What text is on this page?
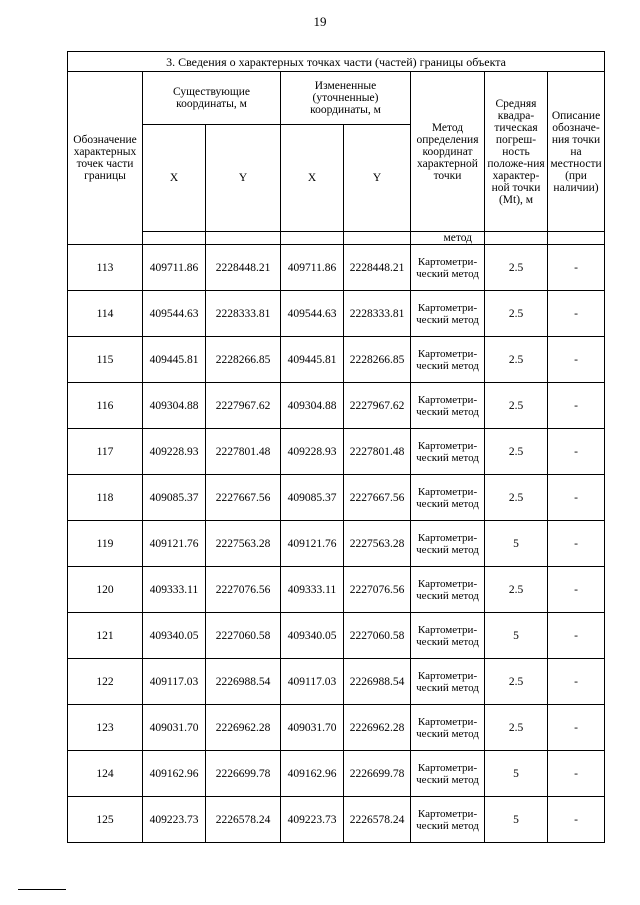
19
3. Сведения о характерных точках части (частей) границы объекта							
Обозначение характерных точек части границы	Существующие координаты, м		Измененные (уточненные) координаты, м		Метод определения координат характерной точки	Средняя квадра-тическая погреш-ность положе-ния характер-ной точки (Mt), м	Описание обозначе-ния точки на местности (при наличии)
	X	Y	X	Y			
					метод		
113	409711.86	2228448.21	409711.86	2228448.21	Картометри-ческий метод	2.5	-
114	409544.63	2228333.81	409544.63	2228333.81	Картометри-ческий метод	2.5	-
115	409445.81	2228266.85	409445.81	2228266.85	Картометри-ческий метод	2.5	-
116	409304.88	2227967.62	409304.88	2227967.62	Картометри-ческий метод	2.5	-
117	409228.93	2227801.48	409228.93	2227801.48	Картометри-ческий метод	2.5	-
118	409085.37	2227667.56	409085.37	2227667.56	Картометри-ческий метод	2.5	-
119	409121.76	2227563.28	409121.76	2227563.28	Картометри-ческий метод	5	-
120	409333.11	2227076.56	409333.11	2227076.56	Картометри-ческий метод	2.5	-
121	409340.05	2227060.58	409340.05	2227060.58	Картометри-ческий метод	5	-
122	409117.03	2226988.54	409117.03	2226988.54	Картометри-ческий метод	2.5	-
123	409031.70	2226962.28	409031.70	2226962.28	Картометри-ческий метод	2.5	-
124	409162.96	2226699.78	409162.96	2226699.78	Картометри-ческий метод	5	-
125	409223.73	2226578.24	409223.73	2226578.24	Картометри-ческий метод	5	-
